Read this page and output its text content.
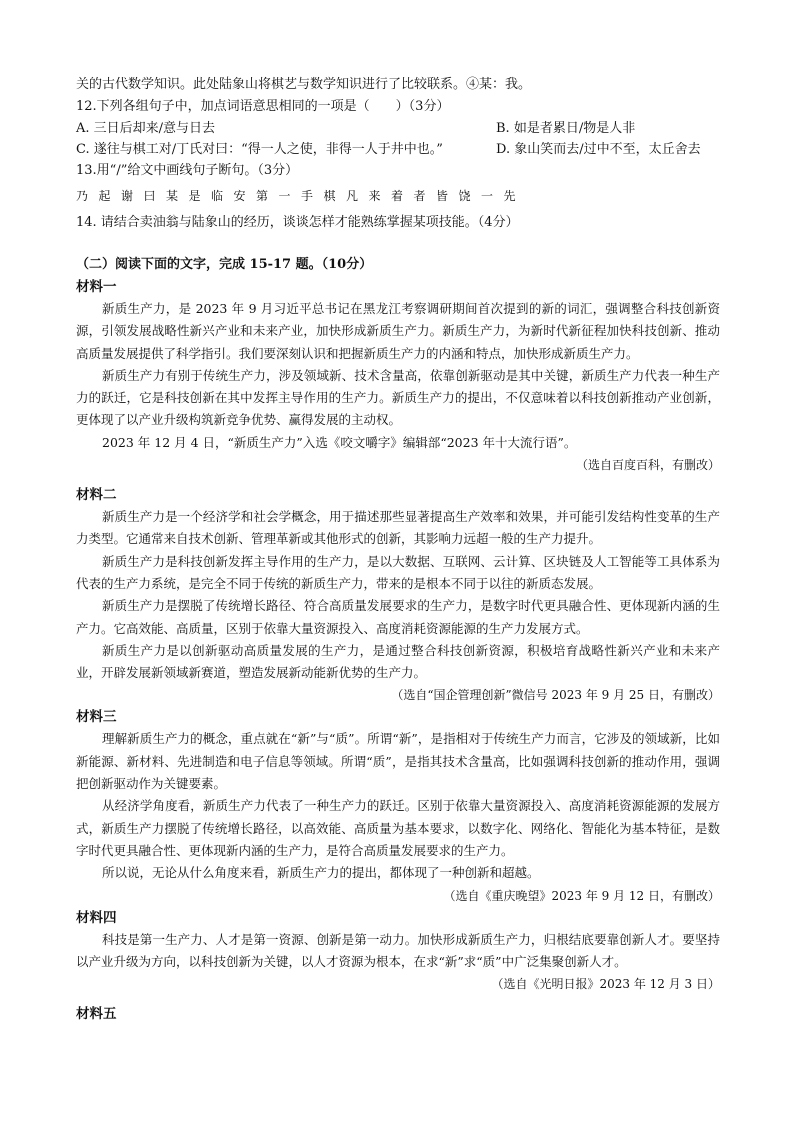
关的古代数学知识。此处陆象山将棋艺与数学知识进行了比较联系。④某：我。
12.下列各组句子中，加点词语意思相同的一项是（　　）（3分）
A. 三日后却来/意与日去	B. 如是者累日/物是人非
C. 遂往与棋工对/丁氏对曰：“得一人之使，非得一人于井中也。”	D. 象山笑而去/过中不至，太丘舍去
13.用“/”给文中画线句子断句。（3分）
乃起谢曰某是临安第一手棋凡来着者皆饶一先
14. 请结合卖油翁与陆象山的经历，谈谈怎样才能熟练掌握某项技能。（4分）
（二）阅读下面的文字，完成 15-17 题。（10分）
材料一

新质生产力，是 2023 年 9 月习近平总书记在黑龙江考察调研期间首次提到的新的词汇，强调整合科技创新资源，引领发展战略性新兴产业和未来产业，加快形成新质生产力。新质生产力，为新时代新征程加快科技创新、推动高质量发展提供了科学指引。我们要深刻认识和把握新质生产力的内涵和特点，加快形成新质生产力。

新质生产力有别于传统生产力，涉及领域新、技术含量高，依靠创新驱动是其中关键，新质生产力代表一种生产力的跃迁，它是科技创新在其中发挥主导作用的生产力。新质生产力的提出，不仅意味着以科技创新推动产业创新，更体现了以产业升级构筑新竞争优势、赢得发展的主动权。

2023 年 12 月 4 日，“新质生产力”入选《咬文嚼字》编辑部“2023 年十大流行语”。

（选自百度百科，有删改）

材料二

新质生产力是一个经济学和社会学概念，用于描述那些显著提高生产效率和效果，并可能引发结构性变革的生产力类型。它通常来自技术创新、管理革新或其他形式的创新，其影响力远超一般的生产力提升。

新质生产力是科技创新发挥主导作用的生产力，是以大数据、互联网、云计算、区块链及人工智能等工具体系为代表的生产力系统，是完全不同于传统的新质生产力，带来的是根本不同于以往的新质态发展。

新质生产力是摆脱了传统增长路径、符合高质量发展要求的生产力，是数字时代更具融合性、更体现新内涵的生产力。它高效能、高质量，区别于依靠大量资源投入、高度消耗资源能源的生产力发展方式。

新质生产力是以创新驱动高质量发展的生产力，是通过整合科技创新资源，积极培育战略性新兴产业和未来产业，开辟发展新领域新赛道，塑造发展新动能新优势的生产力。

（选自“国企管理创新”微信号 2023 年 9 月 25 日，有删改）

材料三

理解新质生产力的概念，重点就在“新”与“质”。所谓“新”，是指相对于传统生产力而言，它涉及的领域新，比如新能源、新材料、先进制造和电子信息等领域。所谓“质”，是指其技术含量高，比如强调科技创新的推动作用，强调把创新驱动作为关键要素。

从经济学角度看，新质生产力代表了一种生产力的跃迁。区别于依靠大量资源投入、高度消耗资源能源的发展方式，新质生产力摆脱了传统增长路径，以高效能、高质量为基本要求，以数字化、网络化、智能化为基本特征，是数字时代更具融合性、更体现新内涵的生产力，是符合高质量发展要求的生产力。

所以说，无论从什么角度来看，新质生产力的提出，都体现了一种创新和超越。

（选自《重庆晚望》2023 年 9 月 12 日，有删改）

材料四

科技是第一生产力、人才是第一资源、创新是第一动力。加快形成新质生产力，归根结底要靠创新人才。要坚持以产业升级为方向，以科技创新为关键，以人才资源为根本，在求“新”求“质”中广泛集聚创新人才。

（选自《光明日报》2023 年 12 月 3 日）

材料五
